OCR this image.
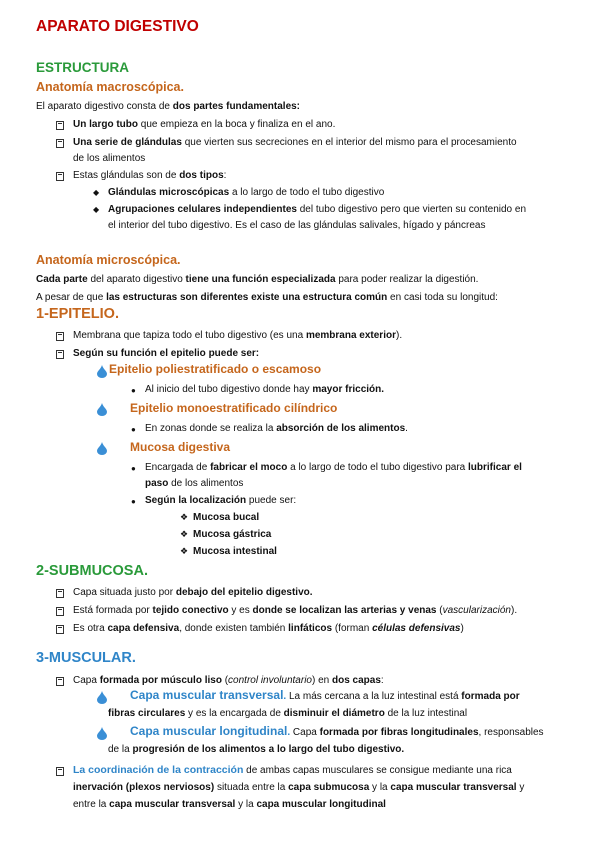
APARATO DIGESTIVO
ESTRUCTURA
Anatomía macroscópica.
El aparato digestivo consta de dos partes fundamentales:
Un largo tubo que empieza en la boca y finaliza en el ano.
Una serie de glándulas que vierten sus secreciones en el interior del mismo para el procesamiento
de los alimentos
Estas glándulas son de dos tipos:
◆ Glándulas microscópicas a lo largo de todo el tubo digestivo
◆ Agrupaciones celulares independientes del tubo digestivo pero que vierten su contenido en
el interior del tubo digestivo. Es el caso de las glándulas salivales, hígado y páncreas
Anatomía microscópica.
Cada parte del aparato digestivo tiene una función especializada para poder realizar la digestión.
A pesar de que las estructuras son diferentes existe una estructura común en casi toda su longitud:
1-EPITELIO.
Membrana que tapiza todo el tubo digestivo (es una membrana exterior).
Según su función el epitelio puede ser:
Epitelio poliestratificado o escamoso
● Al inicio del tubo digestivo donde hay mayor fricción.
Epitelio monoestratificado cilíndrico
● En zonas donde se realiza la absorción de los alimentos.
Mucosa digestiva
● Encargada de fabricar el moco a lo largo de todo el tubo digestivo para lubrificar el
paso de los alimentos
● Según la localización puede ser:
❖ Mucosa bucal
❖ Mucosa gástrica
❖ Mucosa intestinal
2-SUBMUCOSA.
Capa situada justo por debajo del epitelio digestivo.
Está formada por tejido conectivo y es donde se localizan las arterias y venas (vascularización).
Es otra capa defensiva, donde existen también linfáticos (forman células defensivas)
3-MUSCULAR.
Capa formada por músculo liso (control involuntario) en dos capas:
Capa muscular transversal. La más cercana a la luz intestinal está formada por
fibras circulares y es la encargada de disminuir el diámetro de la luz intestinal
Capa muscular longitudinal. Capa formada por fibras longitudinales, responsables
de la progresión de los alimentos a lo largo del tubo digestivo.
La coordinación de la contracción de ambas capas musculares se consigue mediante una rica
inervación (plexos nerviosos) situada entre la capa submucosa y la capa muscular transversal y
entre la capa muscular transversal y la capa muscular longitudinal
